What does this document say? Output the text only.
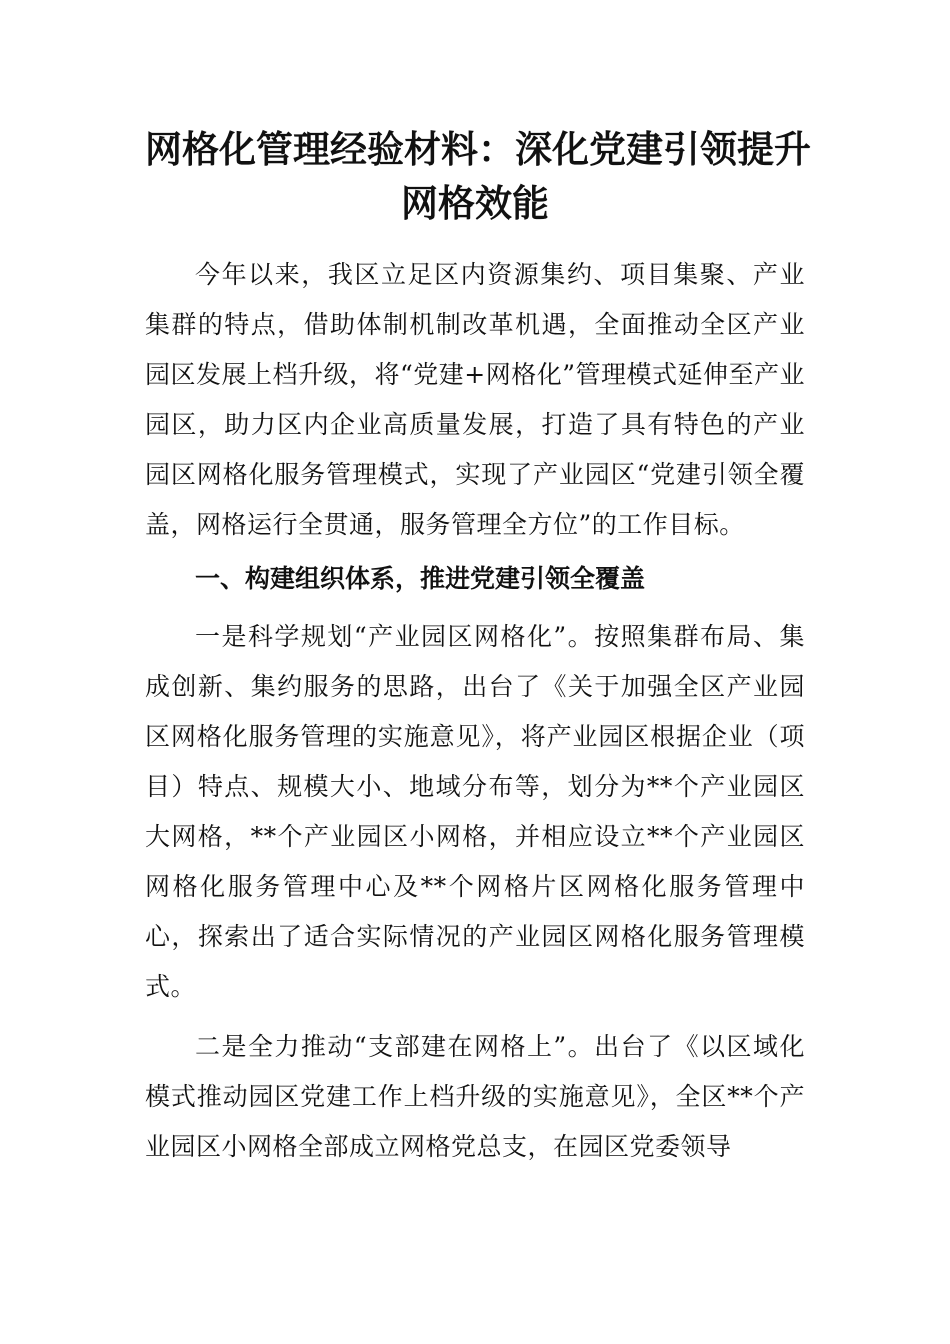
网格化管理经验材料：深化党建引领提升
网格效能

今年以来，我区立足区内资源集约、项目集聚、产业集群的特点，借助体制机制改革机遇，全面推动全区产业园区发展上档升级，将“党建+网格化”管理模式延伸至产业园区，助力区内企业高质量发展，打造了具有特色的产业园区网格化服务管理模式，实现了产业园区“党建引领全覆盖，网格运行全贯通，服务管理全方位”的工作目标。

一、构建组织体系，推进党建引领全覆盖

一是科学规划“产业园区网格化”。按照集群布局、集成创新、集约服务的思路，出台了《关于加强全区产业园区网格化服务管理的实施意见》，将产业园区根据企业（项目）特点、规模大小、地域分布等，划分为**个产业园区大网格，**个产业园区小网格，并相应设立**个产业园区网格化服务管理中心及**个网格片区网格化服务管理中心，探索出了适合实际情况的产业园区网格化服务管理模式。

二是全力推动“支部建在网格上”。出台了《以区域化模式推动园区党建工作上档升级的实施意见》，全区**个产业园区小网格全部成立网格党总支，在园区党委领导
